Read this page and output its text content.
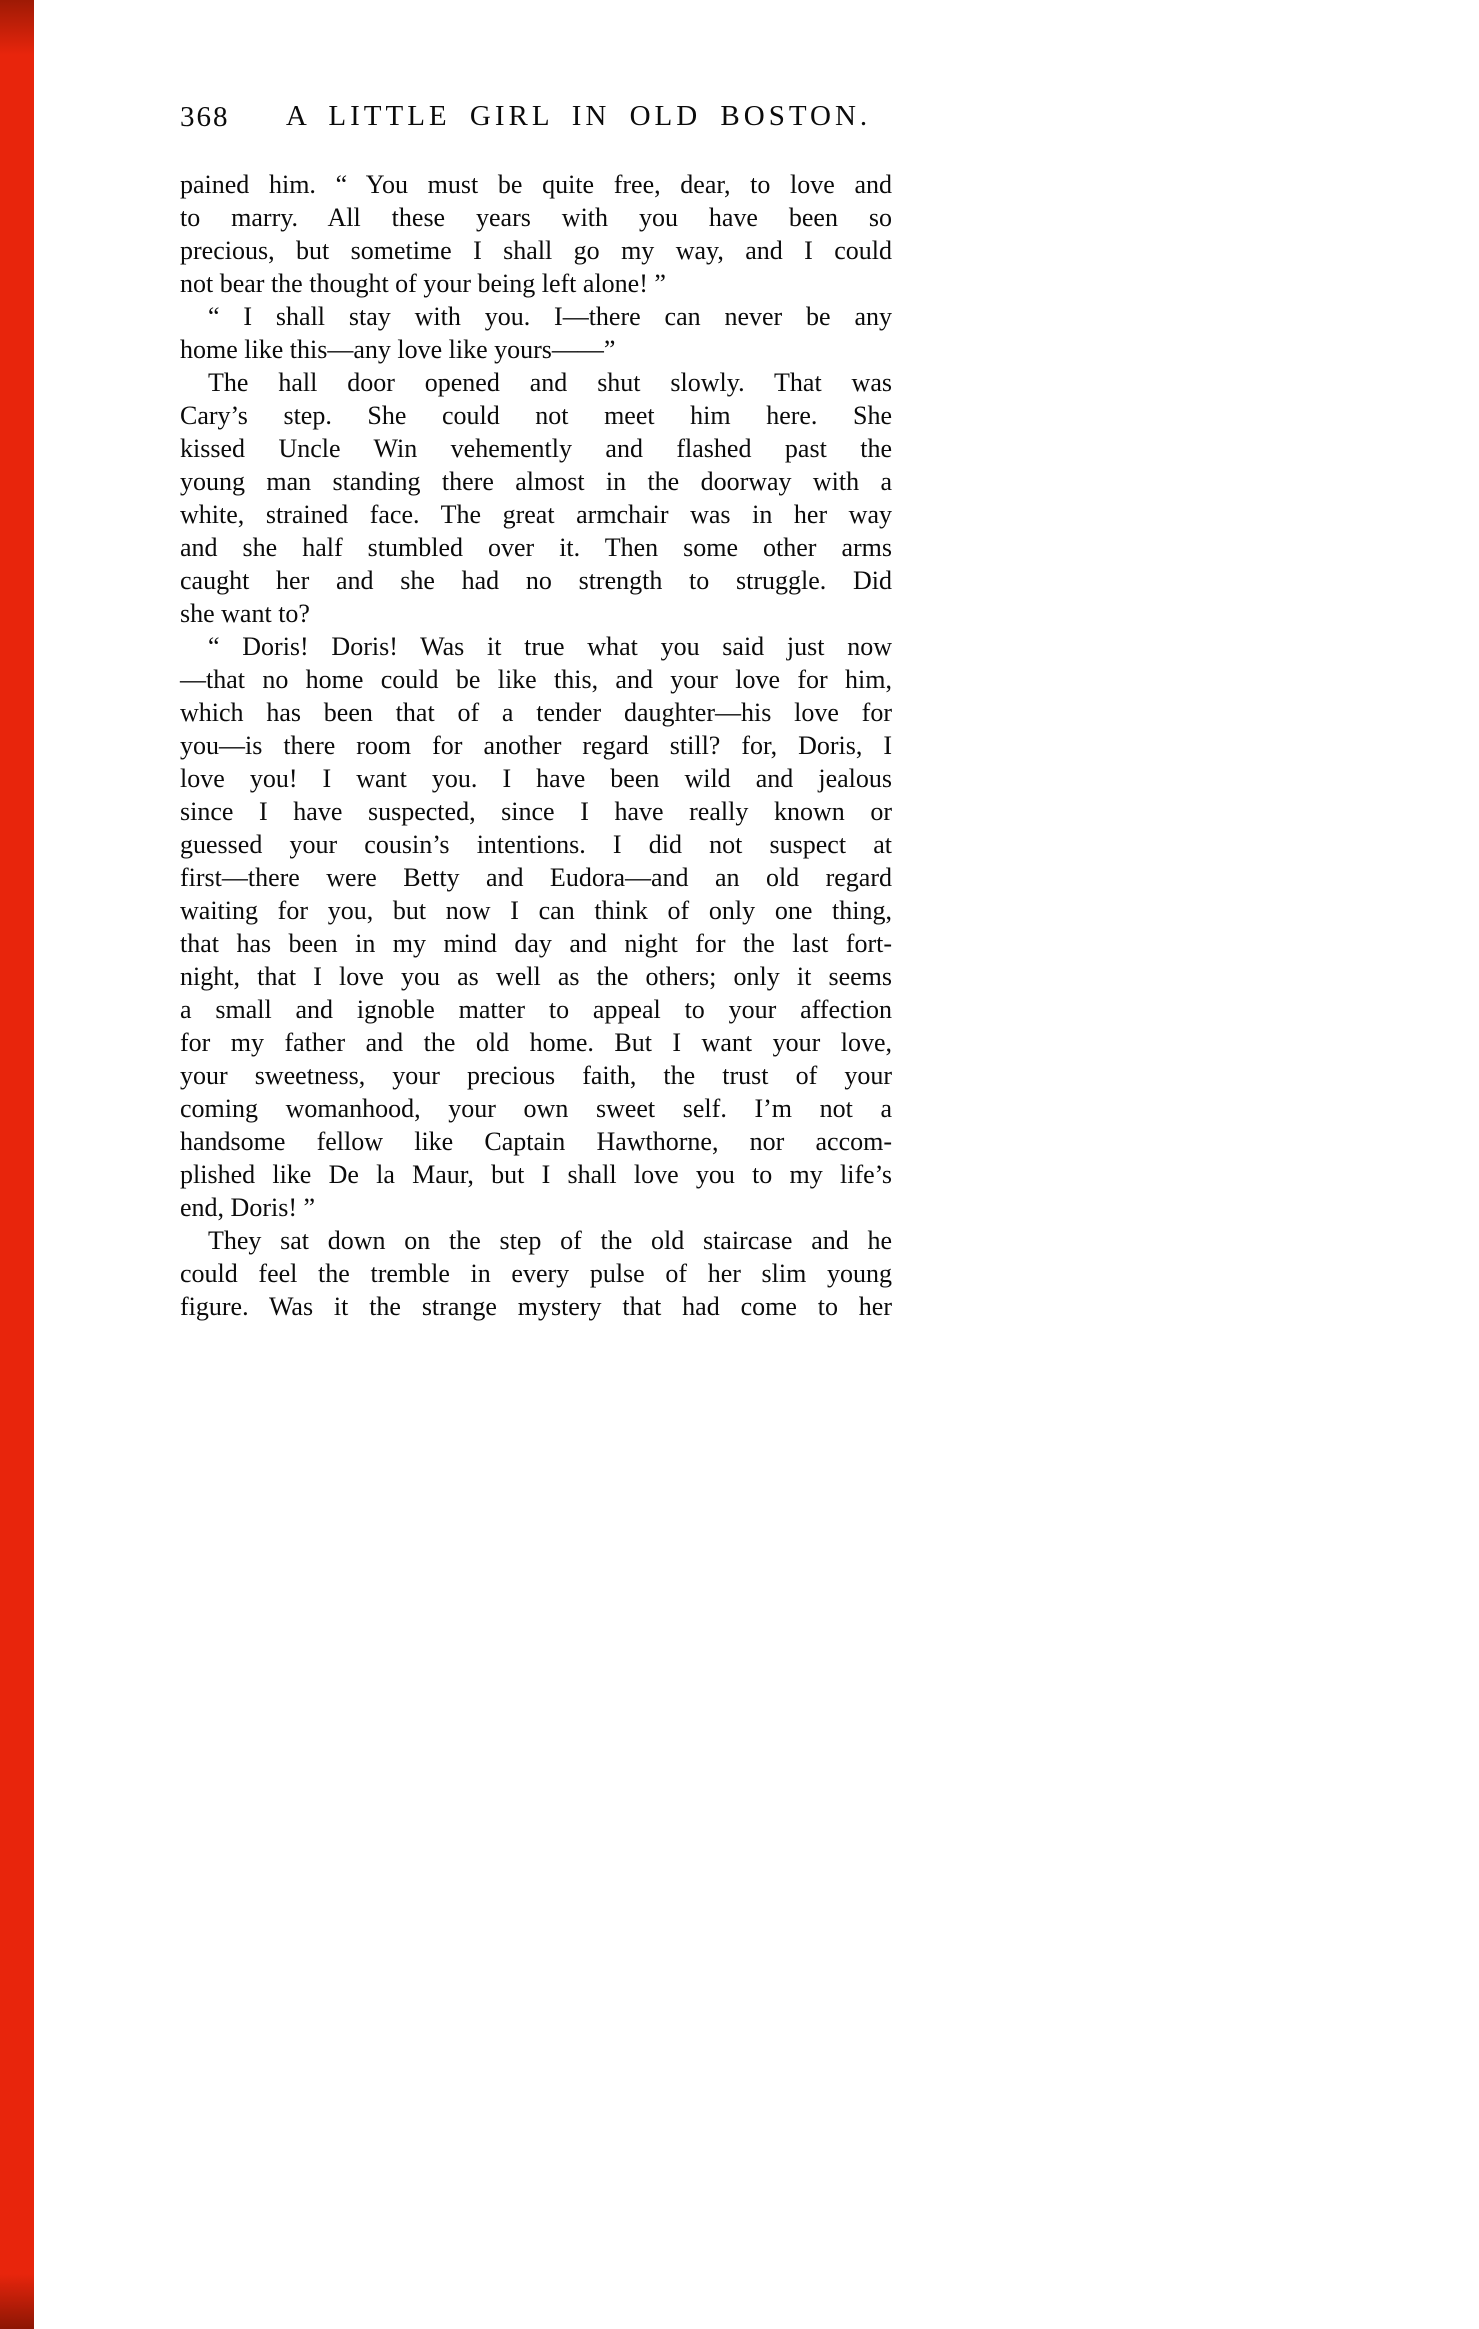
368	A LITTLE GIRL IN OLD BOSTON.
pained him. “ You must be quite free, dear, to love and
to marry. All these years with you have been so
precious, but sometime I shall go my way, and I could
not bear the thought of your being left alone! ”
“ I shall stay with you. I—there can never be any
home like this—any love like yours——”
The hall door opened and shut slowly. That was
Cary’s step. She could not meet him here. She
kissed Uncle Win vehemently and flashed past the
young man standing there almost in the doorway with a
white, strained face. The great armchair was in her way
and she half stumbled over it. Then some other arms
caught her and she had no strength to struggle. Did
she want to?
“ Doris! Doris! Was it true what you said just now
—that no home could be like this, and your love for him,
which has been that of a tender daughter—his love for
you—is there room for another regard still? for, Doris, I
love you! I want you. I have been wild and jealous
since I have suspected, since I have really known or
guessed your cousin’s intentions. I did not suspect at
first—there were Betty and Eudora—and an old regard
waiting for you, but now I can think of only one thing,
that has been in my mind day and night for the last fort-
night, that I love you as well as the others; only it seems
a small and ignoble matter to appeal to your affection
for my father and the old home. But I want your love,
your sweetness, your precious faith, the trust of your
coming womanhood, your own sweet self. I’m not a
handsome fellow like Captain Hawthorne, nor accom-
plished like De la Maur, but I shall love you to my life’s
end, Doris! ”
They sat down on the step of the old staircase and he
could feel the tremble in every pulse of her slim young
figure. Was it the strange mystery that had come to her
